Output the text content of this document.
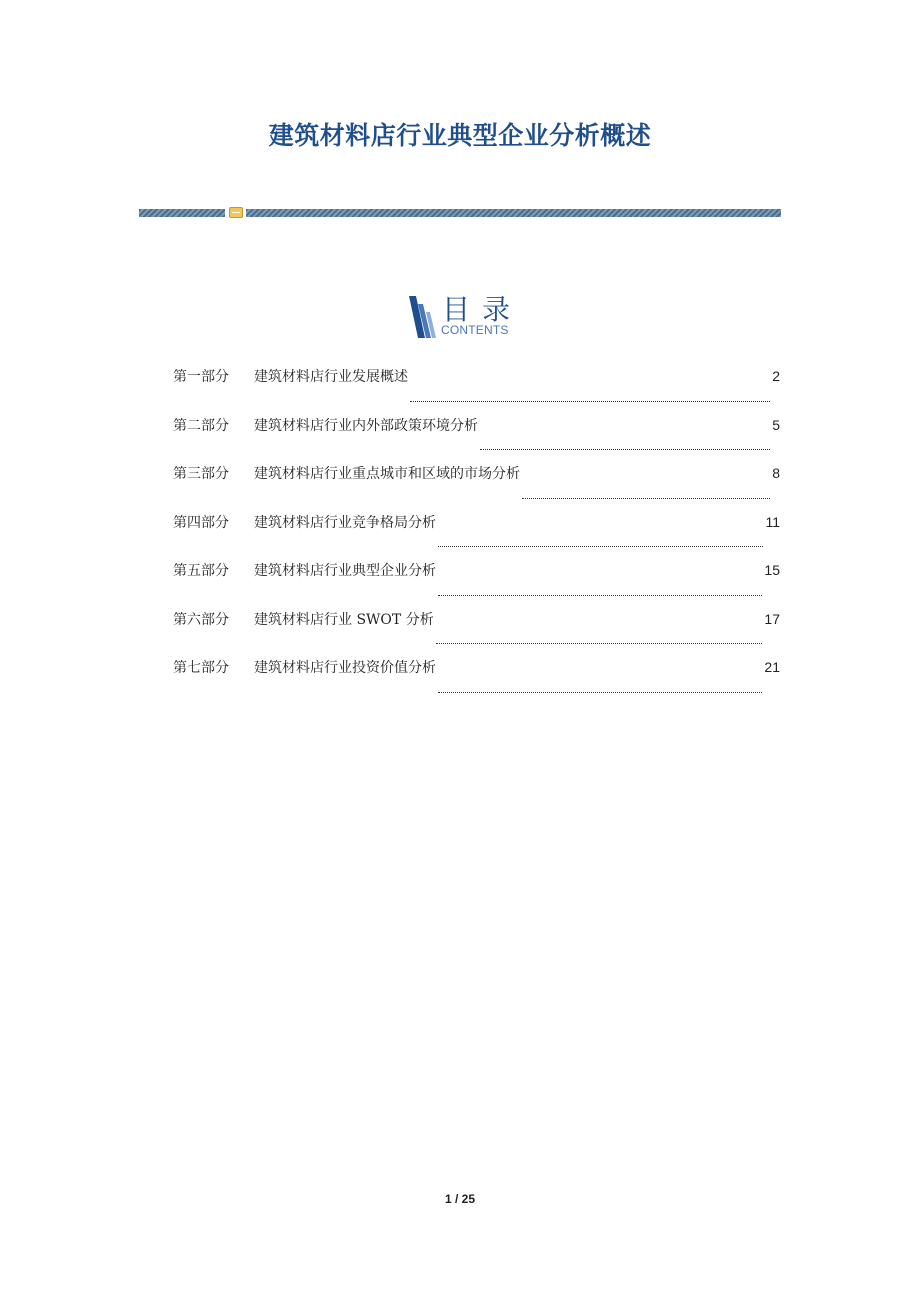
建筑材料店行业典型企业分析概述
目录
CONTENTS
第一部分	建筑材料店行业发展概述	2
第二部分	建筑材料店行业内外部政策环境分析	5
第三部分	建筑材料店行业重点城市和区域的市场分析	8
第四部分	建筑材料店行业竞争格局分析	11
第五部分	建筑材料店行业典型企业分析	15
第六部分	建筑材料店行业 SWOT 分析	17
第七部分	建筑材料店行业投资价值分析	21
1 / 25
